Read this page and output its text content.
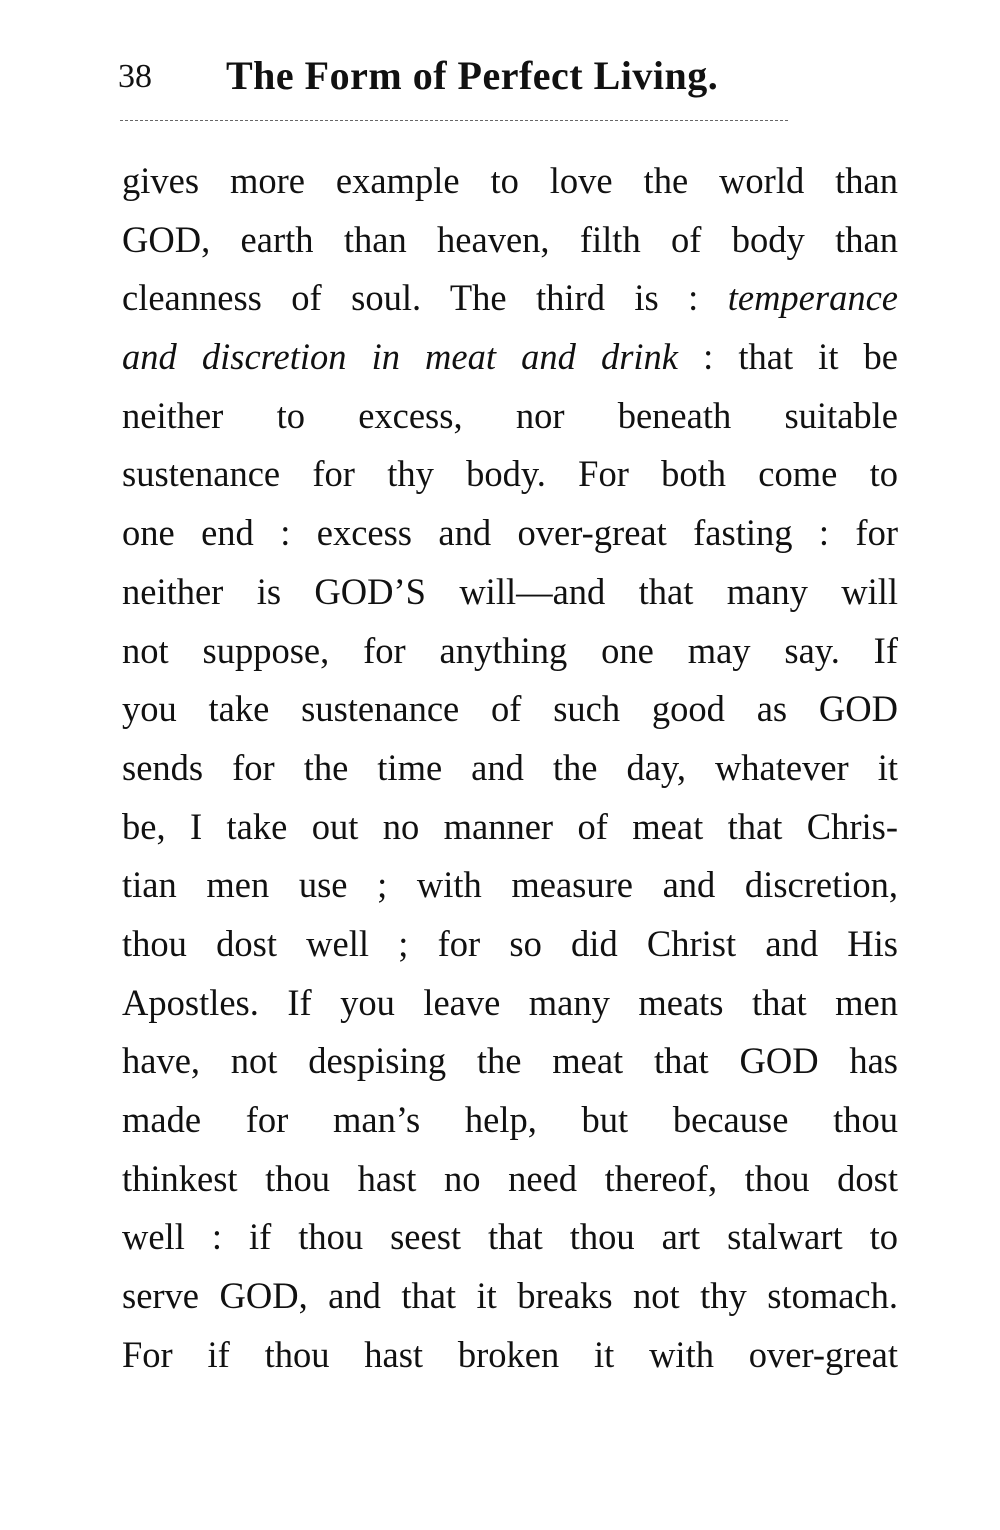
38 The Form of Perfect Living.
gives more example to love the world than
GOD, earth than heaven, filth of body than
cleanness of soul. The third is : temperance
and discretion in meat and drink : that it be
neither to excess, nor beneath suitable
sustenance for thy body. For both come to
one end : excess and over-great fasting : for
neither is GOD’S will—and that many will
not suppose, for anything one may say. If
you take sustenance of such good as GOD
sends for the time and the day, whatever it
be, I take out no manner of meat that Chris-
tian men use ; with measure and discretion,
thou dost well ; for so did Christ and His
Apostles. If you leave many meats that men
have, not despising the meat that GOD has
made for man’s help, but because thou
thinkest thou hast no need thereof, thou dost
well : if thou seest that thou art stalwart to
serve GOD, and that it breaks not thy stomach.
For if thou hast broken it with over-great
